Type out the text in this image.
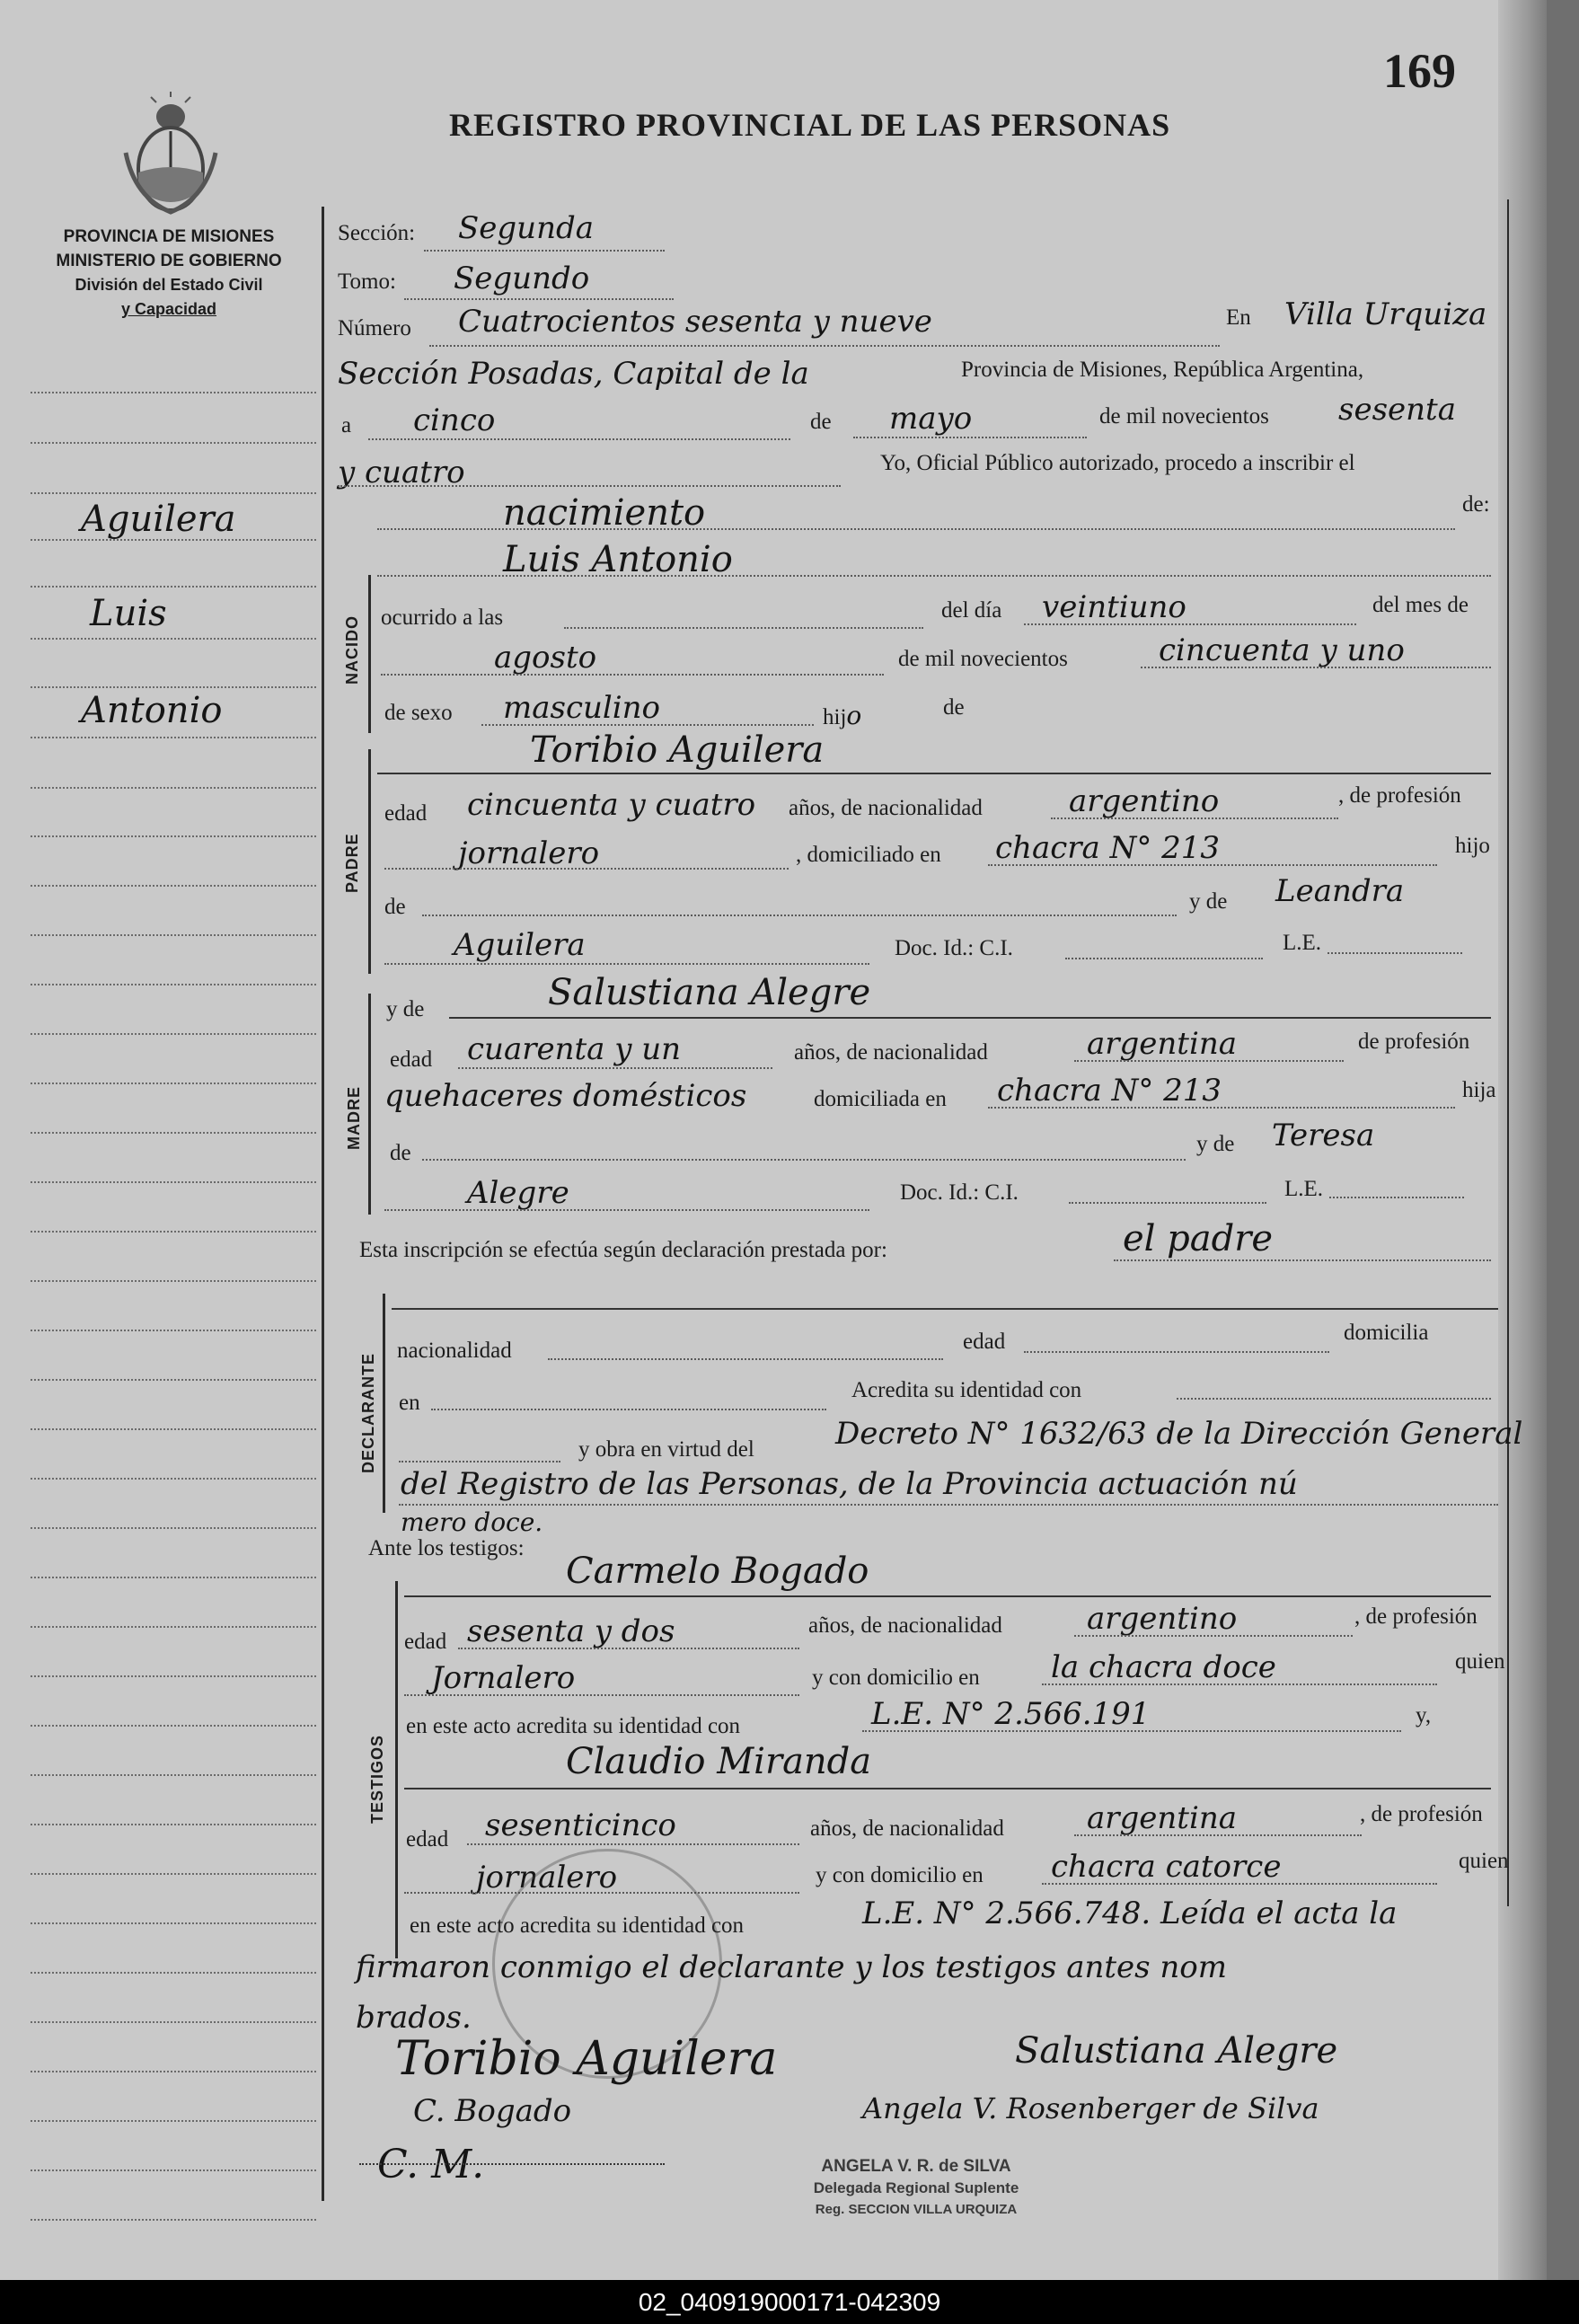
169
REGISTRO PROVINCIAL DE LAS PERSONAS
PROVINCIA DE MISIONES
MINISTERIO DE GOBIERNO
División del Estado Civil
y Capacidad
Aguilera
Luis
Antonio
Sección: Segunda
Tomo: Segundo
Número Cuatrocientos sesenta y nueve	En Villa Urquiza
Sección Posadas, Capital de la	Provincia de Misiones, República Argentina,
a cinco	de mayo	de mil novecientos sesenta
y cuatro	Yo, Oficial Público autorizado, procedo a inscribir el
nacimiento	de:
NACIDO
Luis Antonio
ocurrido a las	del día veintiuno	del mes de
agosto	de mil novecientos	cincuenta y uno
de sexo masculino	hijo	de
PADRE
Toribio Aguilera
edad cincuenta y cuatro años, de nacionalidad	argentino	, de profesión
jornalero	, domiciliado en chacra N° 213	hijo
de	y de Leandra
Aguilera	Doc. Id.: C.I.	L.E.
MADRE
y de	Salustiana Alegre
edad cuarenta y un	años, de nacionalidad	argentina	de profesión
quehaceres domésticos	domiciliada en chacra N° 213	hija
de	y de Teresa
Alegre	Doc. Id.: C.I.	L.E.
Esta inscripción se efectúa según declaración prestada por:	el padre
DECLARANTE
nacionalidad	edad	domicilia
en
Acredita su identidad con
y obra en virtud del	Decreto N° 1632/63 de la Dirección General
del Registro de las Personas, de la Provincia actuación nú
mero doce.
Ante los testigos:
TESTIGOS
Carmelo Bogado
edad sesenta y dos	años, de nacionalidad	argentino	, de profesión
Jornalero	y con domicilio en la chacra doce	quien
en este acto acredita su identidad con	L.E. N° 2.566.191	y,
Claudio Miranda
edad sesenticinco	años, de nacionalidad	argentina	, de profesión
jornalero	y con domicilio en chacra catorce	quien
en este acto acredita su identidad con	L.E. N° 2.566.748. Leída el acta la
firmaron conmigo el declarante y los testigos antes nom
brados.
Toribio Aguilera	Salustiana Alegre
C. Bogado	Angela V. Rosenberger de Silva
C. M.	ANGELA V. R. de SILVA
Delegada Regional Suplente
Reg. SECCION VILLA URQUIZA
02_040919000171-042309
